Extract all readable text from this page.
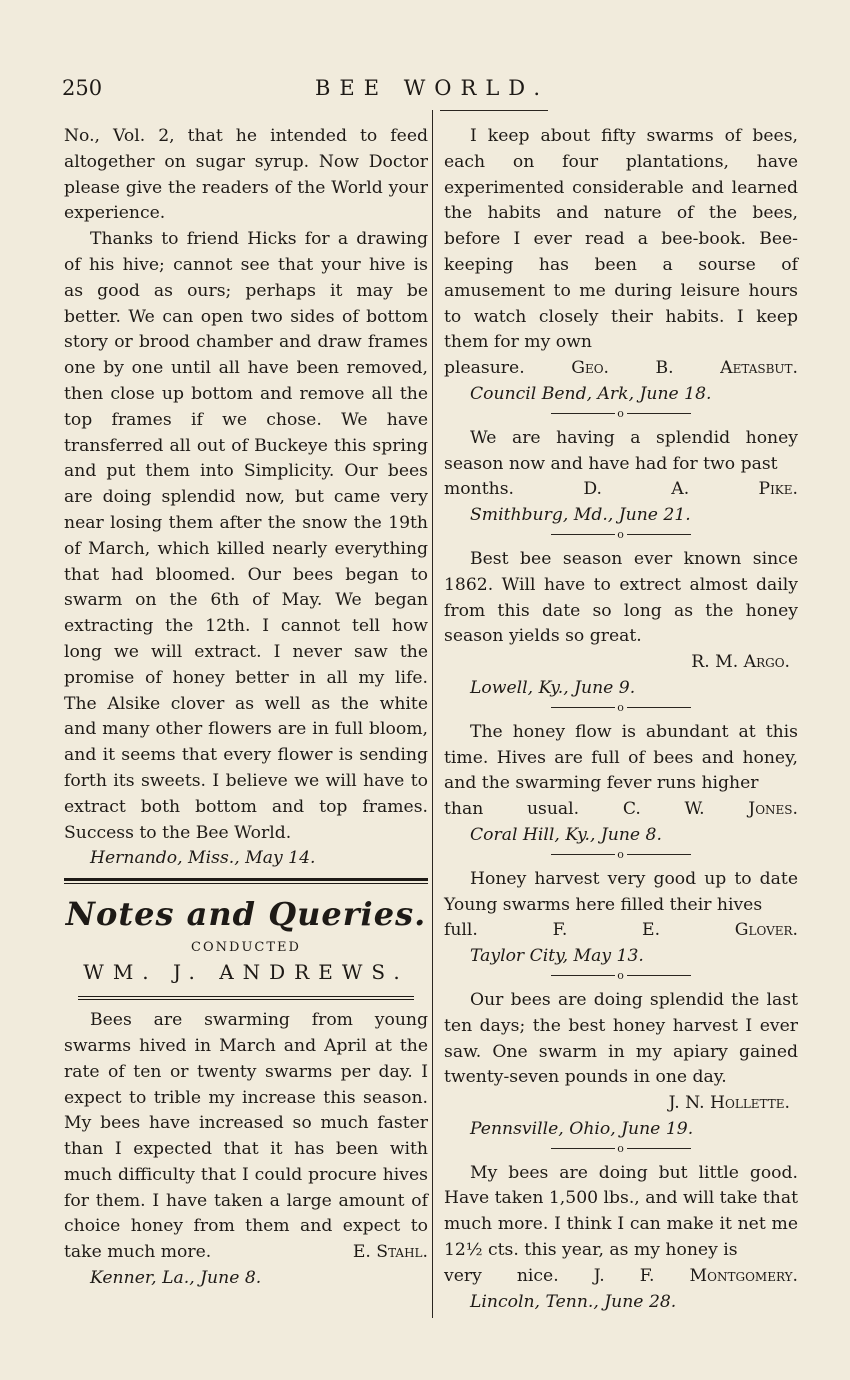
250	BEE WORLD.

No., Vol. 2, that he intended to feed altogether on sugar syrup. Now Doctor please give the readers of the World your experience.

Thanks to friend Hicks for a drawing of his hive; cannot see that your hive is as good as ours; perhaps it may be better. We can open two sides of bottom story or brood chamber and draw frames one by one until all have been removed, then close up bottom and remove all the top frames if we chose. We have transferred all out of Buckeye this spring and put them into Simplicity. Our bees are doing splendid now, but came very near losing them after the snow the 19th of March, which killed nearly everything that had bloomed. Our bees began to swarm on the 6th of May. We began extracting the 12th. I cannot tell how long we will extract. I never saw the promise of honey better in all my life. The Alsike clover as well as the white and many other flowers are in full bloom, and it seems that every flower is sending forth its sweets. I believe we will have to extract both bottom and top frames. Success to the Bee World.

Hernando, Miss., May 14.

Notes and Queries.
CONDUCTED
WM. J. ANDREWS.

Bees are swarming from young swarms hived in March and April at the rate of ten or twenty swarms per day. I expect to trible my increase this season. My bees have increased so much faster than I expected that it has been with much difficulty that I could procure hives for them. I have taken a large amount of choice honey from them and expect to take much more.	E. Stahl.

Kenner, La., June 8.

I keep about fifty swarms of bees, each on four plantations, have experimented considerable and learned the habits and nature of the bees, before I ever read a bee-book. Bee-keeping has been a sourse of amusement to me during leisure hours to watch closely their habits. I keep them for my own

pleasure.	Geo. B. Aetasbut.

Council Bend, Ark, June 18.

o

We are having a splendid honey season now and have had for two past

months.	D. A. Pike.

Smithburg, Md., June 21.

o

Best bee season ever known since 1862. Will have to extrect almost daily from this date so long as the honey season yields so great.

R. M. Argo.

Lowell, Ky., June 9.

o

The honey flow is abundant at this time. Hives are full of bees and honey, and the swarming fever runs higher

than usual.	C. W. Jones.

Coral Hill, Ky., June 8.

o

Honey harvest very good up to date Young swarms here filled their hives

full.	F. E. Glover.

Taylor City, May 13.

o

Our bees are doing splendid the last ten days; the best honey harvest I ever saw. One swarm in my apiary gained twenty-seven pounds in one day.

J. N. Hollette.

Pennsville, Ohio, June 19.

o

My bees are doing but little good. Have taken 1,500 lbs., and will take that much more. I think I can make it net me 12½ cts. this year, as my honey is

very nice. J. F. Montgomery.

Lincoln, Tenn., June 28.
